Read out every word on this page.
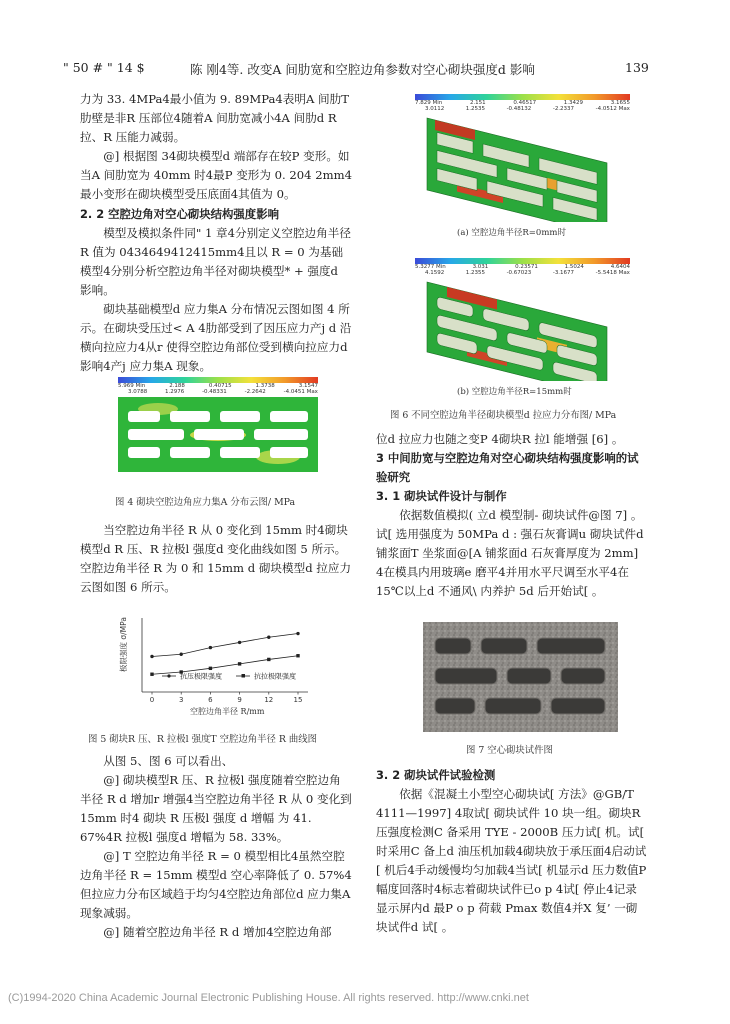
" 50 # " 14 $	陈 刚4等. 改变A 间肋宽和空腔边角参数对空心砌块强度d 影响	139

力为 33. 4MPa4最小值为 9. 89MPa4表明A 间肋T 肋壁是非R 压部位4随着A 间肋宽减小4A 间肋d R 拉、R 压能力减弱。

@] 根据图 34砌块模型d 端部存在较P 变形。如当A 间肋宽为 40mm 时4最P 变形为 0. 204 2mm4最小变形在砌块模型受压底面4其值为 0。

2. 2 空腔边角对空心砌块结构强度影响

模型及模拟条件同" 1 章4分别定义空腔边角半径 R 值为 0434649412415mm4且以 R = 0 为基础模型4分别分析空腔边角半径对砌块模型* + 强度d 影响。

砌块基础模型d 应力集A 分布情况云图如图 4 所示。在砌块受压过< A 4肋部受到了因压应力产j d 沿横向拉应力4从r 使得空腔边角部位受到横向拉应力d 影响4产j 应力集A 现象。

5.969 Min	2.188	0.40715	1.3738	3.1547
3.0788	1.2976	-0.48331	-2.2642	-4.0451 Max
图 4 砌块空腔边角应力集A 分布云图/ MPa

当空腔边角半径 R 从 0 变化到 15mm 时4砌块模型d R 压、R 拉极l 强度d 变化曲线如图 5 所示。空腔边角半径 R 为 0 和 15mm d 砌块模型d 拉应力云图如图 6 所示。

极限强度 σ/MPa
空腔边角半径 R/mm
0	3	6	9	12	15
抗压极限强度	抗拉极限强度
图 5 砌块R 压、R 拉极l 强度T 空腔边角半径 R 曲线图

从图 5、图 6 可以看出、

@] 砌块模型R 压、R 拉极l 强度随着空腔边角半径 R d 增加r 增强4当空腔边角半径 R 从 0 变化到 15mm 时4 砌块 R 压极l 强度 d 增幅 为 41. 67%4R 拉极l 强度d 增幅为 58. 33%。

@] T 空腔边角半径 R = 0 模型相比4虽然空腔边角半径 R = 15mm 模型d 空心率降低了 0. 57%4但拉应力分布区域趋于均匀4空腔边角部位d 应力集A 现象减弱。

@] 随着空腔边角半径 R d 增加4空腔边角部

7.829 Min	2.151	0.46517	1.3429	3.1655
3.0112	1.2535	-0.48132	-2.2337	-4.0512 Max
(a) 空腔边角半径R=0mm时
5.3277 Min	3.031	0.23571	1.5024	4.6404
4.1592	1.2355	-0.67023	-3.1677	-5.5418 Max
(b) 空腔边角半径R=15mm时
图 6 不同空腔边角半径砌块模型d 拉应力分布图/ MPa

位d 拉应力也随之变P 4砌块R 拉l 能增强 [6] 。

3 中间肋宽与空腔边角对空心砌块结构强度影响的试验研究

3. 1 砌块试件设计与制作

依据数值模拟( 立d 模型制- 砌块试件@图 7] 。试[ 选用强度为 50MPa d : 强石灰膏调u 砌块试件d 铺浆面T 坐浆面@[A 铺浆面d 石灰膏厚度为 2mm] 4在模具内用玻璃e 磨平4并用水平尺调至水平4在 15℃以上d 不通风\ 内养护 5d 后开始试[ 。

图 7 空心砌块试件图

3. 2 砌块试件试验检测

依据《混凝土小型空心砌块试[ 方法》@GB/T 4111—1997] 4取试[ 砌块试件 10 块一组。砌块R 压强度检测C 备采用 TYE - 2000B 压力试[ 机。试[ 时采用C 备上d 油压机加载4砌块放于承压面4启动试[ 机后4手动缓慢均匀加载4当试[ 机显示d 压力数值P 幅度回落时4标志着砌块试件已o p 4试[ 停止4记录显示屏内d 最P o p 荷载 Pmax 数值4并X 复’ 一砌块试件d 试[ 。

(C)1994-2020 China Academic Journal Electronic Publishing House. All rights reserved. http://www.cnki.net
